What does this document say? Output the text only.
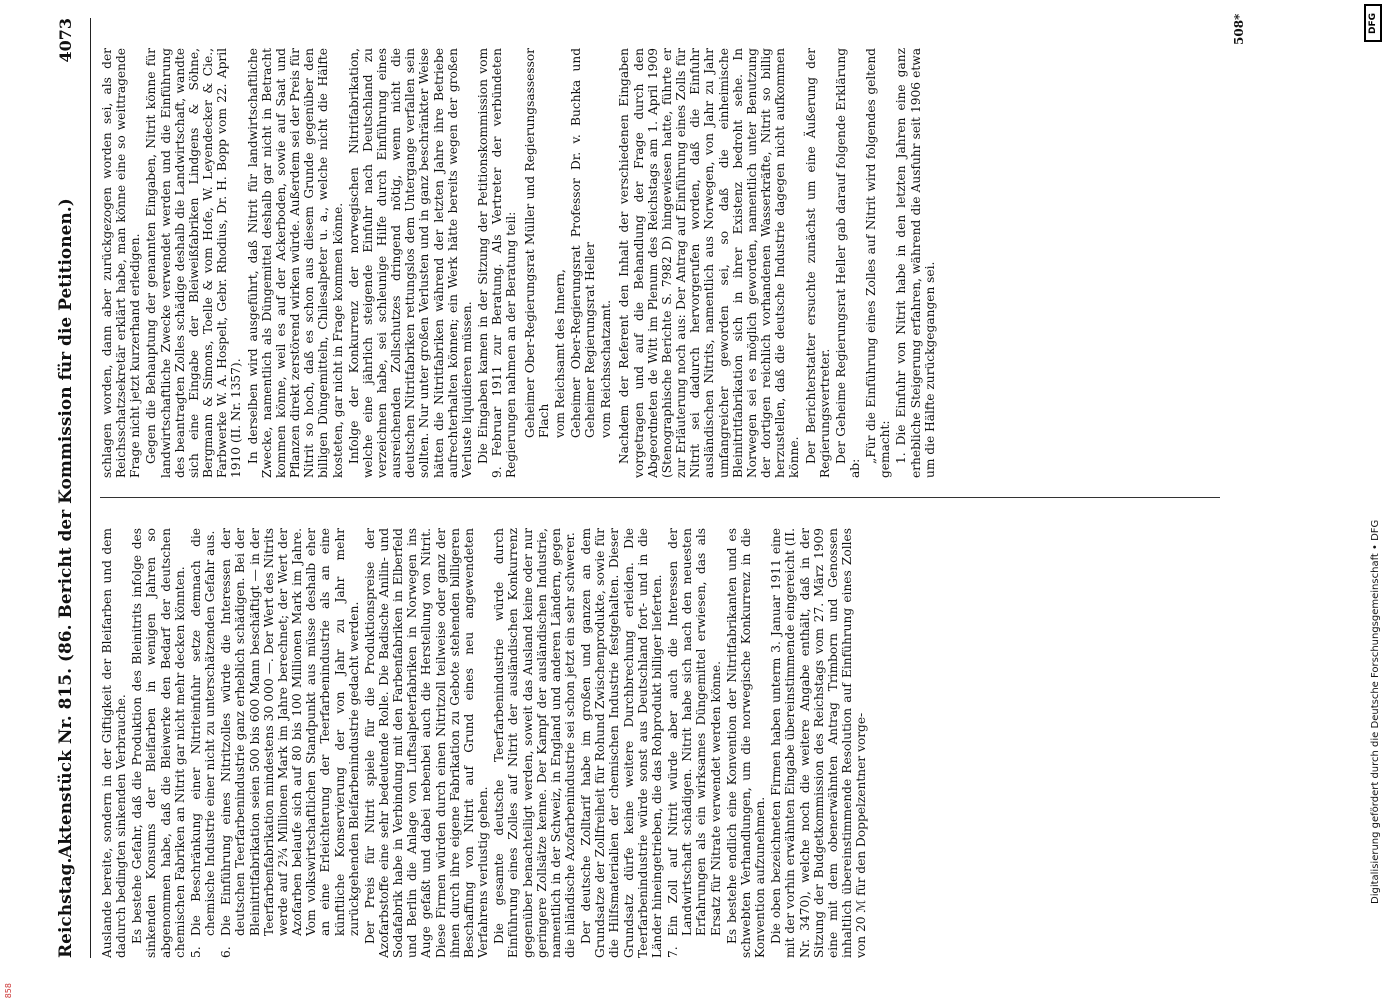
Reichstag.
Aktenstück Nr. 815. (86. Bericht der Kommission für die Petitionen.)
4073

Auslande bereite, sondern in der Giftigkeit der Bleifarben und dem dadurch bedingten sinkenden Verbrauche. Es bestehe Gefahr, daß die Produktion des Bleinitrits infolge des sinkenden Konsums der Bleifarben in wenigen Jahren so abgenommen habe, daß die Bleiwerke den Bedarf der deutschen chemischen Fabriken an Nitrit gar nicht mehr decken könnten. 5.
Die Beschränkung einer Nitriteinfuhr setze demnach die chemische Industrie einer nicht zu unterschätzenden Gefahr aus.
6.
Die Einführung eines Nitritzolles würde die Interessen der deutschen Teerfarbenindustrie ganz erheblich schädigen. Bei der Bleinitritfabrikation seien 500 bis 600 Mann beschäftigt — in der Teerfarbenfabrikation mindestens 30 000 —. Der Wert des Nitrits werde auf 2¾ Millionen Mark im Jahre berechnet; der Wert der Azofarben belaufe sich auf 80 bis 100 Millionen Mark im Jahre. Vom volkswirtschaftlichen Standpunkt aus müsse deshalb eher an eine Erleichterung der Teerfarbenindustrie als an eine künftliche Konservierung der von Jahr zu Jahr mehr zurückgehenden Bleifarbenindustrie gedacht werden. Der Preis für Nitrit spiele für die Produktionspreise der Azofarbstoffe eine sehr bedeutende Rolle. Die Badische Anilin- und Sodafabrik habe in Verbindung mit den Farbenfabriken in Elberfeld und Berlin die Anlage von Luftsalpeterfabriken in Norwegen ins Auge gefaßt und dabei nebenbei auch die Herstellung von Nitrit. Diese Firmen würden durch einen Nitritzoll teilweise oder ganz der ihnen durch ihre eigene Fabrikation zu Gebote stehenden billigeren Beschaffung von Nitrit auf Grund eines neu angewendeten Verfahrens verlustig gehen. Die gesamte deutsche Teerfarbenindustrie würde durch Einführung eines Zolles auf Nitrit der ausländischen Konkurrenz gegenüber benachteiligt werden, soweit das Ausland keine oder nur geringere Zollsätze kenne. Der Kampf der ausländischen Industrie, namentlich in der Schweiz, in England und anderen Ländern, gegen die inländische Azofarbenindustrie sei schon jetzt ein sehr schwerer. Der deutsche Zolltarif habe im großen und ganzen an dem Grundsatze der Zollfreiheit für Rohund Zwischenprodukte, sowie für die Hilfsmaterialien der chemischen Industrie festgehalten. Dieser Grundsatz dürfe keine weitere Durchbrechung erleiden. Die Teerfarbenindustrie würde sonst aus Deutschland fort- und in die Länder hineingetrieben, die das Rohprodukt billiger lieferten. 7.
Ein Zoll auf Nitrit würde aber auch die Interessen der Landwirtschaft schädigen. Nitrit habe sich nach den neuesten Erfahrungen als ein wirksames Düngemittel erwiesen, das als Ersatz für Nitrate verwendet werden könne. Es bestehe endlich eine Konvention der Nitritfabrikanten und es schwebten Verhandlungen, um die norwegische Konkurrenz in die Konvention aufzunehmen. Die oben bezeichneten Firmen haben unterm 3. Januar 1911 eine mit der vorhin erwähnten Eingabe übereinstimmende eingereicht (II. Nr. 3470), welche noch die weitere Angabe enthält, daß in der Sitzung der Budgetkommission des Reichstags vom 27. März 1909 eine mit dem obenerwähnten Antrag Trimborn und Genossen inhaltlich übereinstimmende Resolution auf Einführung eines Zolles von 20 ℳ für den Doppelzentner vorge-

schlagen worden, dann aber zurückgezogen worden sei, als der Reichsschatzsekretär erklärt habe, man könne eine so weittragende Frage nicht jetzt kurzerhand erledigen. Gegen die Behauptung der genannten Eingaben, Nitrit könne für landwirtschaftliche Zwecke verwendet werden und die Einführung des beantragten Zolles schädige deshalb die Landwirtschaft, wandte sich eine Eingabe der Bleiweißfabriken Lindgens & Söhne, Bergmann & Simons, Toelle & vom Hofe, W. Leyendecker & Cie., Farbwerke W. A. Hospelt, Gebr. Rhodius, Dr. H. Bopp vom 22. April 1910 (II. Nr. 1357). In derselben wird ausgeführt, daß Nitrit für landwirtschaftliche Zwecke, namentlich als Düngemittel deshalb gar nicht in Betracht kommen könne, weil es auf der Ackerboden, sowie auf Saat und Pflanzen direkt zerstörend wirken würde. Außerdem sei der Preis für Nitrit so hoch, daß es schon aus diesem Grunde gegenüber den billigen Düngemitteln, Chilesalpeter u. a., welche nicht die Hälfte kosteten, gar nicht in Frage kommen könne. Infolge der Konkurrenz der norwegischen Nitritfabrikation, welche eine jährlich steigende Einfuhr nach Deutschland zu verzeichnen habe, sei schleunige Hilfe durch Einführung eines ausreichenden Zollschutzes dringend nötig, wenn nicht die deutschen Nitritfabriken rettungslos dem Untergange verfallen sein sollten. Nur unter großen Verlusten und in ganz beschränkter Weise hätten die Nitritfabriken während der letzten Jahre ihre Betriebe aufrechterhalten können; ein Werk hätte bereits wegen der großen Verluste liquidieren müssen. Die Eingaben kamen in der Sitzung der Petitionskommission vom 9. Februar 1911 zur Beratung. Als Vertreter der verbündeten Regierungen nahmen an der Beratung teil: Geheimer Ober-Regierungsrat Müller und Regierungsassessor Flach vom Reichsamt des Innern, Geheimer Ober-Regierungsrat Professor Dr. v. Buchka und Geheimer Regierungsrat Heller vom Reichsschatzamt. Nachdem der Referent den Inhalt der verschiedenen Eingaben vorgetragen und auf die Behandlung der Frage durch den Abgeordneten de Witt im Plenum des Reichstags am 1. April 1909 (Stenographische Berichte S. 7982 D) hingewiesen hatte, führte er zur Erläuterung noch aus: Der Antrag auf Einführung eines Zolls für Nitrit sei dadurch hervorgerufen worden, daß die Einfuhr ausländischen Nitrits, namentlich aus Norwegen, von Jahr zu Jahr umfangreicher geworden sei, so daß die einheimische Bleinitritfabrikation sich in ihrer Existenz bedroht sehe. In Norwegen sei es möglich geworden, namentlich unter Benutzung der dortigen reichlich vorhandenen Wasserkräfte, Nitrit so billig herzustellen, daß die deutsche Industrie dagegen nicht aufkommen könne. Der Berichterstatter ersuchte zunächst um eine Äußerung der Regierungsvertreter. Der Geheime Regierungsrat Heller gab darauf folgende Erklärung ab:

„Für die Einführung eines Zolles auf Nitrit wird folgendes geltend gemacht: 1. Die Einfuhr von Nitrit habe in den letzten Jahren eine ganz erhebliche Steigerung erfahren, während die Ausfuhr seit 1906 etwa um die Hälfte zurückgegangen sei.

508*	DFG
Digitalisierung gefördert durch die Deutsche Forschungsgemeinschaft • DFG
858
